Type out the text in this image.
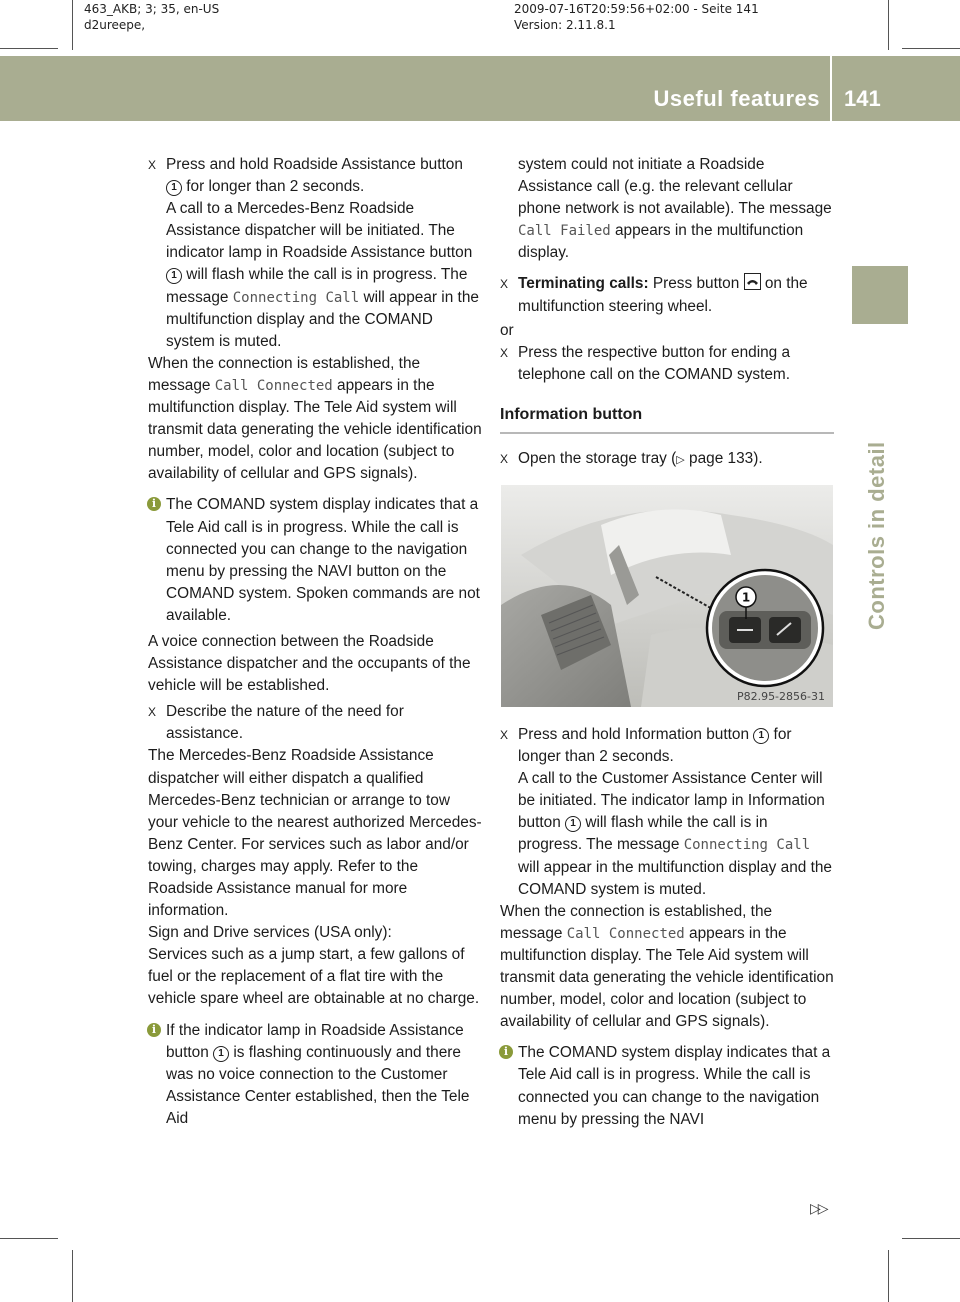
463_AKB; 3; 35, en-US
d2ureepe,
2009-07-16T20:59:56+02:00 - Seite 141
Version: 2.11.8.1
Useful features 141
Controls in detail
X Press and hold Roadside Assistance button 1 for longer than 2 seconds.
A call to a Mercedes-Benz Roadside Assistance dispatcher will be initiated. The indicator lamp in Roadside Assistance button 1 will flash while the call is in progress. The message Connecting Call will appear in the multifunction display and the COMAND system is muted.

When the connection is established, the message Call Connected appears in the multifunction display. The Tele Aid system will transmit data generating the vehicle identification number, model, color and location (subject to availability of cellular and GPS signals).

i The COMAND system display indicates that a Tele Aid call is in progress. While the call is connected you can change to the navigation menu by pressing the NAVI button on the COMAND system. Spoken commands are not available.

A voice connection between the Roadside Assistance dispatcher and the occupants of the vehicle will be established.

X Describe the nature of the need for assistance.

The Mercedes-Benz Roadside Assistance dispatcher will either dispatch a qualified Mercedes-Benz technician or arrange to tow your vehicle to the nearest authorized Mercedes-Benz Center. For services such as labor and/or towing, charges may apply. Refer to the Roadside Assistance manual for more information.

Sign and Drive services (USA only):

Services such as a jump start, a few gallons of fuel or the replacement of a flat tire with the vehicle spare wheel are obtainable at no charge.

i If the indicator lamp in Roadside Assistance button 1 is flashing continuously and there was no voice connection to the Customer Assistance Center established, then the Tele Aid

system could not initiate a Roadside Assistance call (e.g. the relevant cellular phone network is not available). The message Call Failed appears in the multifunction display.

X Terminating calls: Press button
on the multifunction steering wheel.

or

X Press the respective button for ending a telephone call on the COMAND system.
Information button
X Open the storage tray (▷ page 133).
1
P82.95-2856-31
X Press and hold Information button 1 for longer than 2 seconds.
A call to the Customer Assistance Center will be initiated. The indicator lamp in Information button 1 will flash while the call is in progress. The message Connecting Call will appear in the multifunction display and the COMAND system is muted.

When the connection is established, the message Call Connected appears in the multifunction display. The Tele Aid system will transmit data generating the vehicle identification number, model, color and location (subject to availability of cellular and GPS signals).

i The COMAND system display indicates that a Tele Aid call is in progress. While the call is connected you can change to the navigation menu by pressing the NAVI
▷▷
